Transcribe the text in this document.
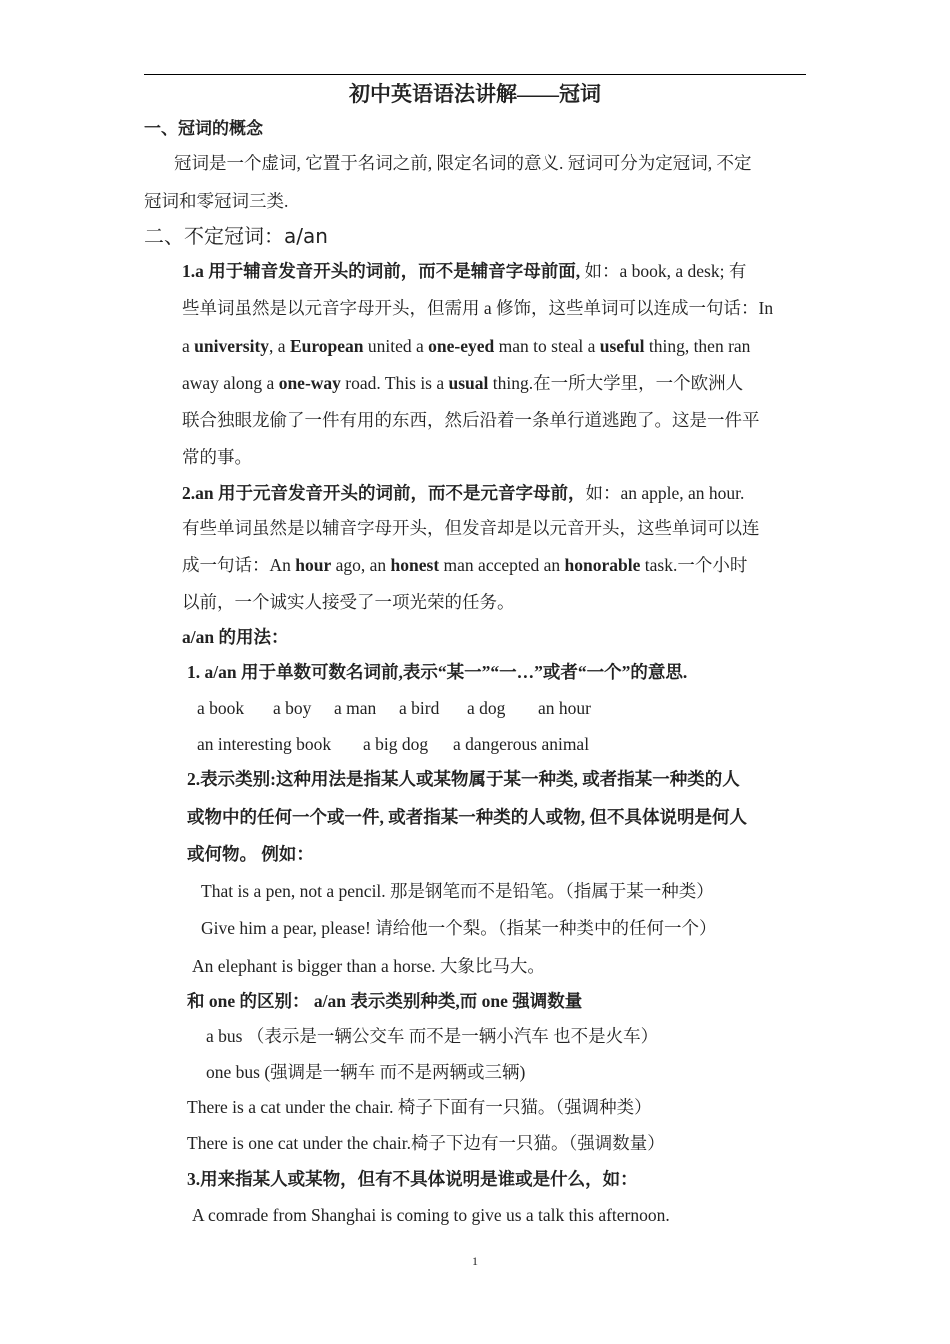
初中英语语法讲解——冠词
一、冠词的概念
冠词是一个虚词, 它置于名词之前, 限定名词的意义. 冠词可分为定冠词, 不定
冠词和零冠词三类.
二、不定冠词：a/an
1.a 用于辅音发音开头的词前，而不是辅音字母前面, 如：a book, a desk; 有
些单词虽然是以元音字母开头，但需用 a 修饰，这些单词可以连成一句话：In
a university, a European united a one-eyed man to steal a useful thing, then ran
away along a one-way road. This is a usual thing.在一所大学里，一个欧洲人
联合独眼龙偷了一件有用的东西，然后沿着一条单行道逃跑了。这是一件平
常的事。
2.an 用于元音发音开头的词前，而不是元音字母前，如：an apple, an hour.
有些单词虽然是以辅音字母开头，但发音却是以元音开头，这些单词可以连
成一句话：An hour ago, an honest man accepted an honorable task.一个小时
以前，一个诚实人接受了一项光荣的任务。
a/an 的用法：
1. a/an 用于单数可数名词前,表示“某一”“一…”或者“一个”的意思.
a book a boy a man a bird a dog an hour
an interesting book a big dog a dangerous animal
2.表示类别:这种用法是指某人或某物属于某一种类, 或者指某一种类的人
或物中的任何一个或一件, 或者指某一种类的人或物, 但不具体说明是何人
或何物。 例如：
That is a pen, not a pencil. 那是钢笔而不是铅笔。（指属于某一种类）
Give him a pear, please! 请给他一个梨。（指某一种类中的任何一个）
An elephant is bigger than a horse. 大象比马大。
和 one 的区别： a/an 表示类别种类,而 one 强调数量
a bus （表示是一辆公交车 而不是一辆小汽车 也不是火车）
one bus (强调是一辆车 而不是两辆或三辆)
There is a cat under the chair. 椅子下面有一只猫。（强调种类）
There is one cat under the chair.椅子下边有一只猫。（强调数量）
3.用来指某人或某物，但有不具体说明是谁或是什么，如：
A comrade from Shanghai is coming to give us a talk this afternoon.
1
